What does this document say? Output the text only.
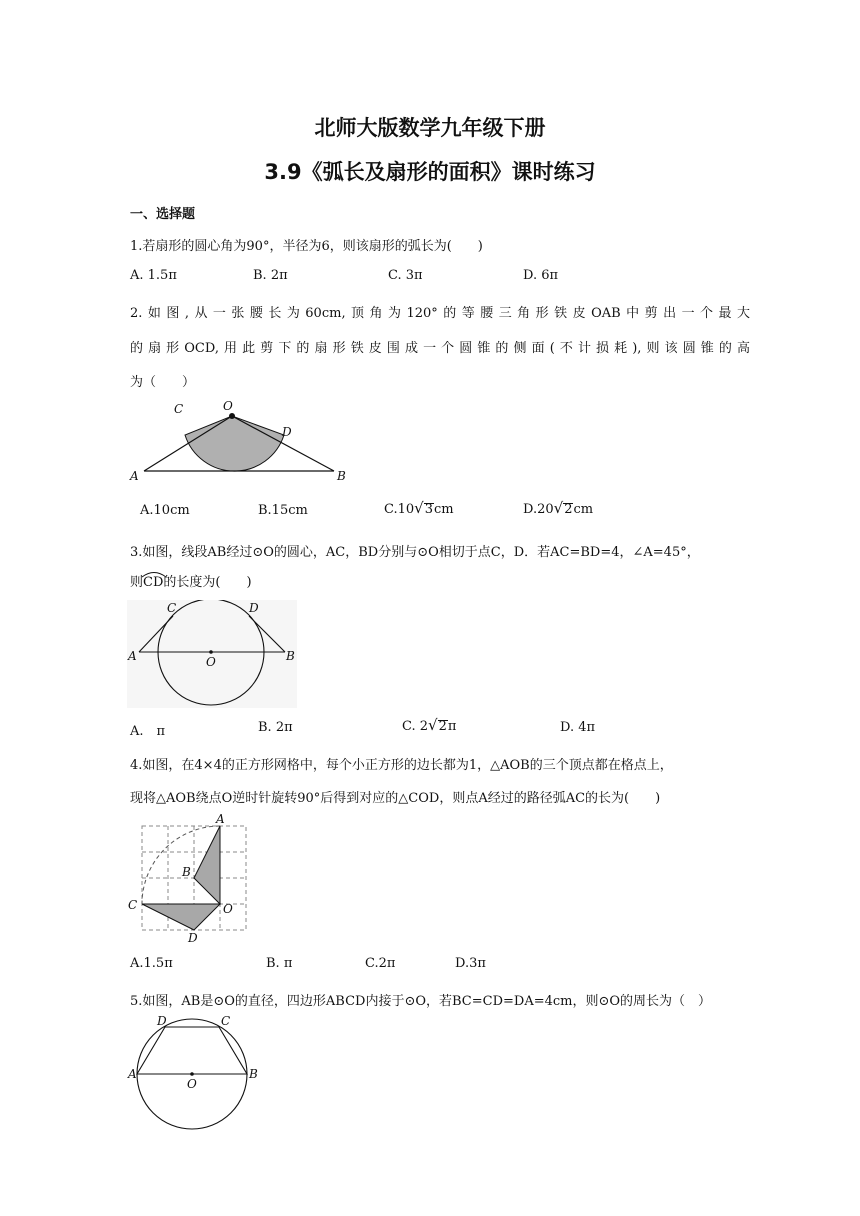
北师大版数学九年级下册
3.9《弧长及扇形的面积》课时练习
一、选择题
1.若扇形的圆心角为90°，半径为6，则该扇形的弧长为(　　)
A. 1.5π	B. 2π	C. 3π	D. 6π
2.如图,从一张腰长为60cm,顶角为120°的等腰三角形铁皮OAB中剪出一个最大
的扇形OCD,用此剪下的扇形铁皮围成一个圆锥的侧面(不计损耗),则该圆锥的高
为（　　）
O
C
D
A	B
A.10cm	B.15cm	C.10√3cm	D.20√2cm
3.如图，线段AB经过⊙O的圆心，AC，BD分别与⊙O相切于点C，D．若AC=BD=4，∠A=45°，
则
CD的长度为(　　)
C	D
A	B
O
A.　π	B. 2π	C. 2√2π	D. 4π
4.如图，在4×4的正方形网格中，每个小正方形的边长都为1，△AOB的三个顶点都在格点上，
现将△AOB绕点O逆时针旋转90°后得到对应的△COD，则点A经过的路径弧AC的长为(　　)
A
B
C	O
D
A.1.5π	B. π	C.2π	D.3π
5.如图，AB是⊙O的直径，四边形ABCD内接于⊙O，若BC=CD=DA=4cm，则⊙O的周长为（　）
D	C
A	B
O
